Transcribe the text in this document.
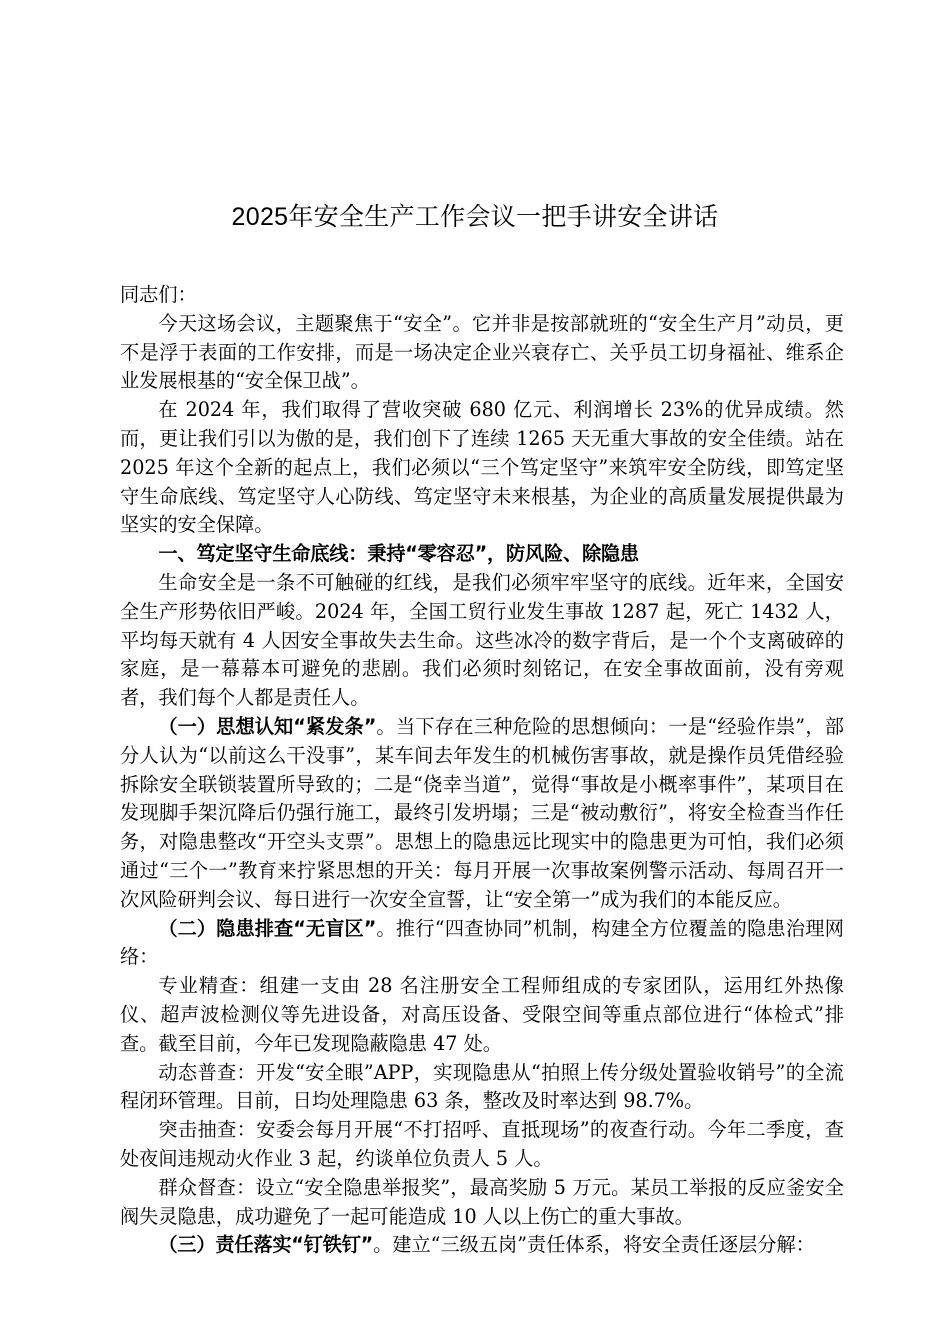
2025年安全生产工作会议一把手讲安全讲话

同志们：

今天这场会议，主题聚焦于“安全”。它并非是按部就班的“安全生产月”动员，更不是浮于表面的工作安排，而是一场决定企业兴衰存亡、关乎员工切身福祉、维系企业发展根基的“安全保卫战”。

在 2024 年，我们取得了营收突破 680 亿元、利润增长 23%的优异成绩。然而，更让我们引以为傲的是，我们创下了连续 1265 天无重大事故的安全佳绩。站在 2025 年这个全新的起点上，我们必须以“三个笃定坚守”来筑牢安全防线，即笃定坚守生命底线、笃定坚守人心防线、笃定坚守未来根基，为企业的高质量发展提供最为坚实的安全保障。

一、笃定坚守生命底线：秉持“零容忍”，防风险、除隐患

生命安全是一条不可触碰的红线，是我们必须牢牢坚守的底线。近年来，全国安全生产形势依旧严峻。2024 年，全国工贸行业发生事故 1287 起，死亡 1432 人，平均每天就有 4 人因安全事故失去生命。这些冰冷的数字背后，是一个个支离破碎的家庭，是一幕幕本可避免的悲剧。我们必须时刻铭记，在安全事故面前，没有旁观者，我们每个人都是责任人。

（一）思想认知“紧发条”。当下存在三种危险的思想倾向：一是“经验作祟”，部分人认为“以前这么干没事”，某车间去年发生的机械伤害事故，就是操作员凭借经验拆除安全联锁装置所导致的；二是“侥幸当道”，觉得“事故是小概率事件”，某项目在发现脚手架沉降后仍强行施工，最终引发坍塌；三是“被动敷衍”，将安全检查当作任务，对隐患整改“开空头支票”。思想上的隐患远比现实中的隐患更为可怕，我们必须通过“三个一”教育来拧紧思想的开关：每月开展一次事故案例警示活动、每周召开一次风险研判会议、每日进行一次安全宣誓，让“安全第一”成为我们的本能反应。

（二）隐患排查“无盲区”。推行“四查协同”机制，构建全方位覆盖的隐患治理网络：

专业精查：组建一支由 28 名注册安全工程师组成的专家团队，运用红外热像仪、超声波检测仪等先进设备，对高压设备、受限空间等重点部位进行“体检式”排查。截至目前，今年已发现隐蔽隐患 47 处。

动态普查：开发“安全眼”APP，实现隐患从“拍照上传分级处置验收销号”的全流程闭环管理。目前，日均处理隐患 63 条，整改及时率达到 98.7%。

突击抽查：安委会每月开展“不打招呼、直抵现场”的夜查行动。今年二季度，查处夜间违规动火作业 3 起，约谈单位负责人 5 人。

群众督查：设立“安全隐患举报奖”，最高奖励 5 万元。某员工举报的反应釜安全阀失灵隐患，成功避免了一起可能造成 10 人以上伤亡的重大事故。

（三）责任落实“钉铁钉”。建立“三级五岗”责任体系，将安全责任逐层分解：
